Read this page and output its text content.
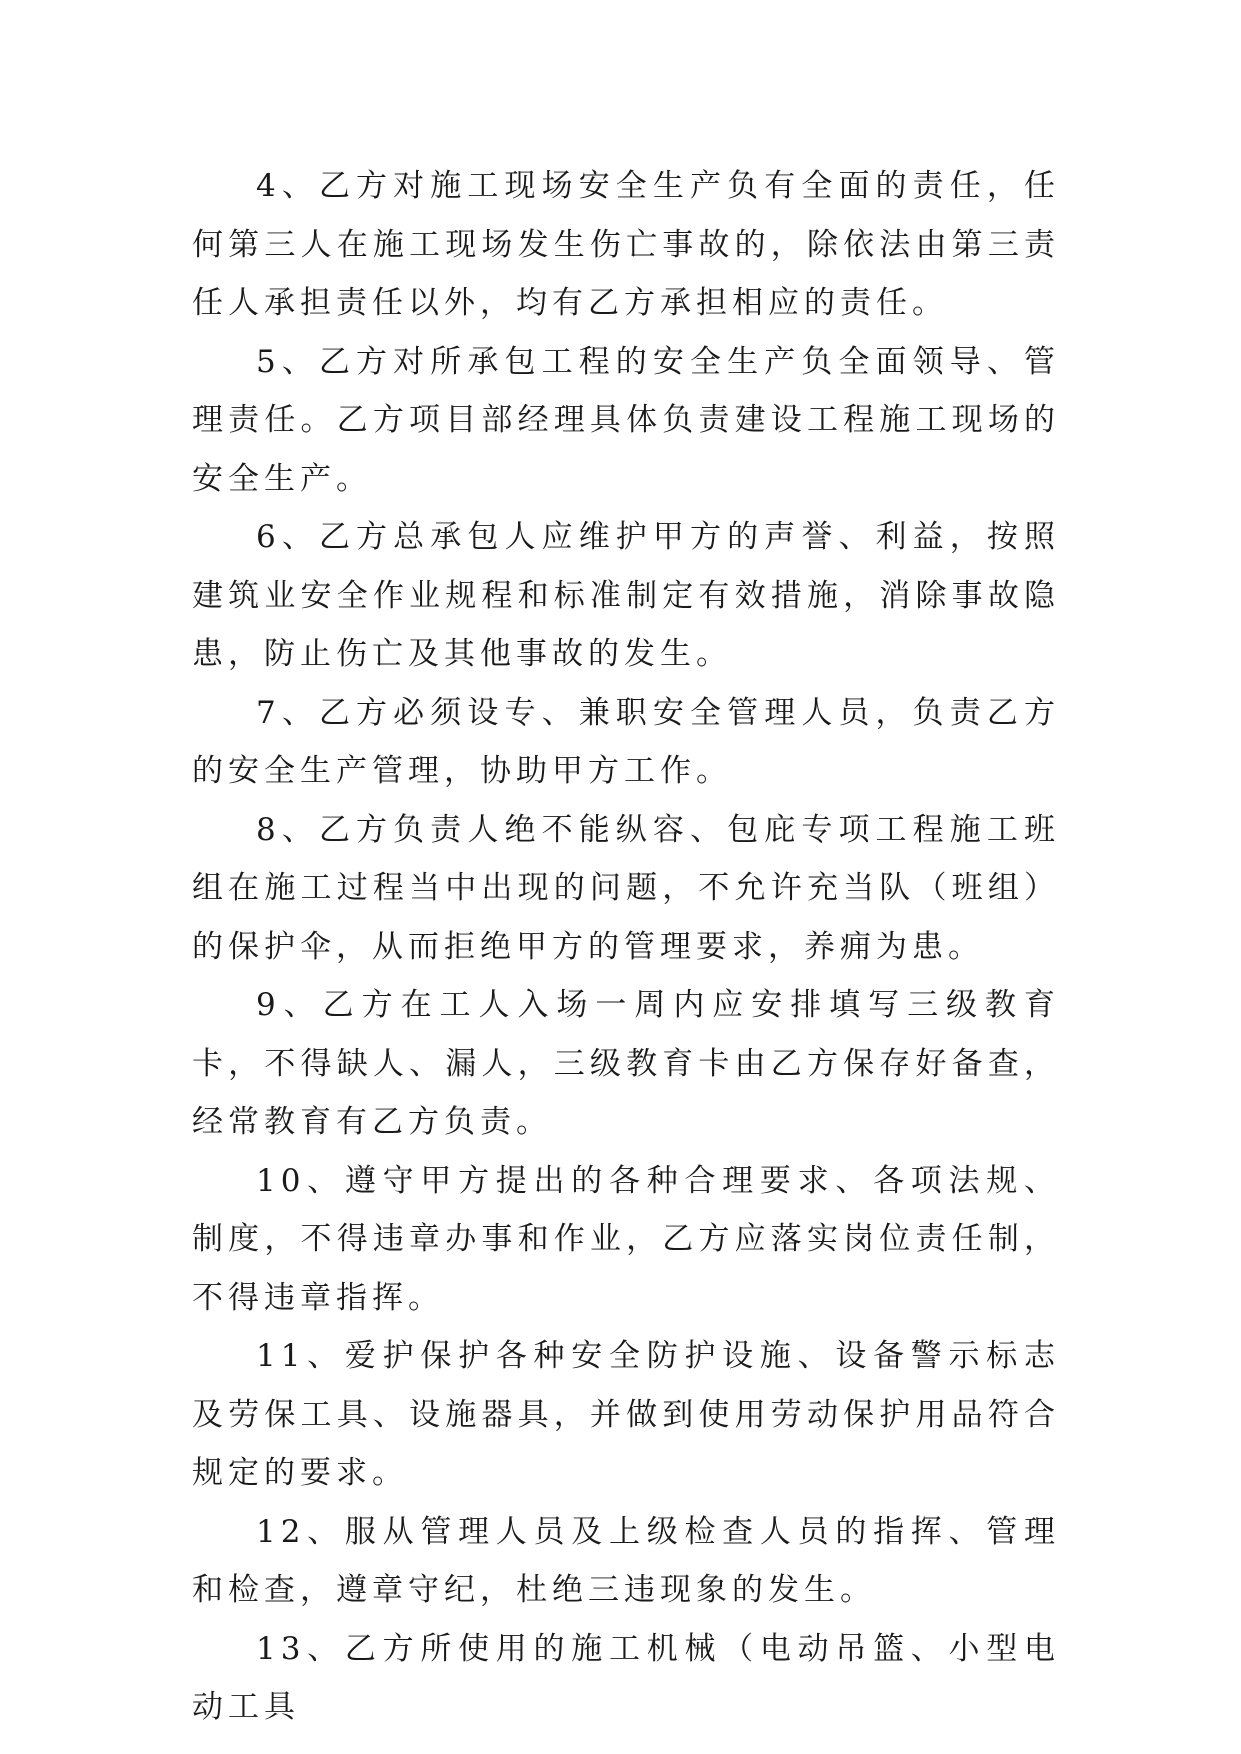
4、乙方对施工现场安全生产负有全面的责任，任何第三人在施工现场发生伤亡事故的，除依法由第三责任人承担责任以外，均有乙方承担相应的责任。

5、乙方对所承包工程的安全生产负全面领导、管理责任。乙方项目部经理具体负责建设工程施工现场的安全生产。

6、乙方总承包人应维护甲方的声誉、利益，按照建筑业安全作业规程和标准制定有效措施，消除事故隐患，防止伤亡及其他事故的发生。

7、乙方必须设专、兼职安全管理人员，负责乙方的安全生产管理，协助甲方工作。

8、乙方负责人绝不能纵容、包庇专项工程施工班组在施工过程当中出现的问题，不允许充当队（班组）的保护伞，从而拒绝甲方的管理要求，养痈为患。

9、乙方在工人入场一周内应安排填写三级教育卡，不得缺人、漏人，三级教育卡由乙方保存好备查，经常教育有乙方负责。

10、遵守甲方提出的各种合理要求、各项法规、制度，不得违章办事和作业，乙方应落实岗位责任制，不得违章指挥。

11、爱护保护各种安全防护设施、设备警示标志及劳保工具、设施器具，并做到使用劳动保护用品符合规定的要求。

12、服从管理人员及上级检查人员的指挥、管理和检查，遵章守纪，杜绝三违现象的发生。

13、乙方所使用的施工机械（电动吊篮、小型电动工具
